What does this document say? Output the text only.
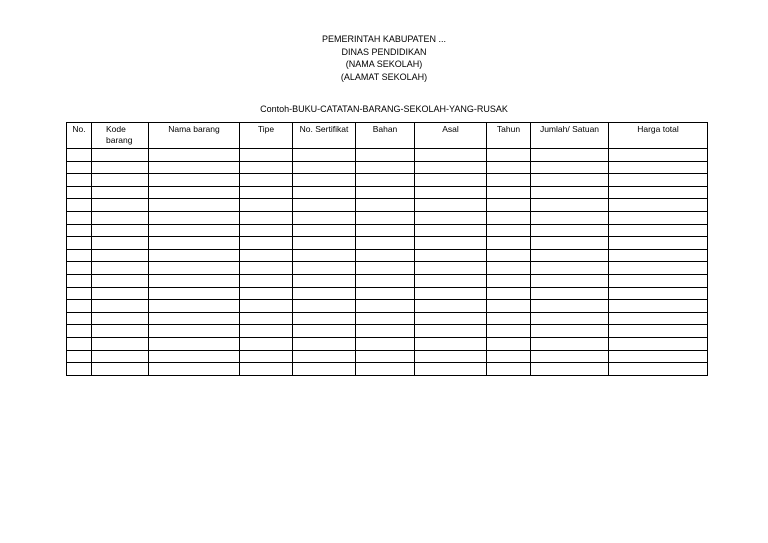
PEMERINTAH KABUPATEN ...
DINAS PENDIDIKAN
(NAMA SEKOLAH)
(ALAMAT SEKOLAH)
Contoh-BUKU-CATATAN-BARANG-SEKOLAH-YANG-RUSAK
No.	Kode barang	Nama barang	Tipe	No. Sertifikat	Bahan	Asal	Tahun	Jumlah/ Satuan	Harga total
